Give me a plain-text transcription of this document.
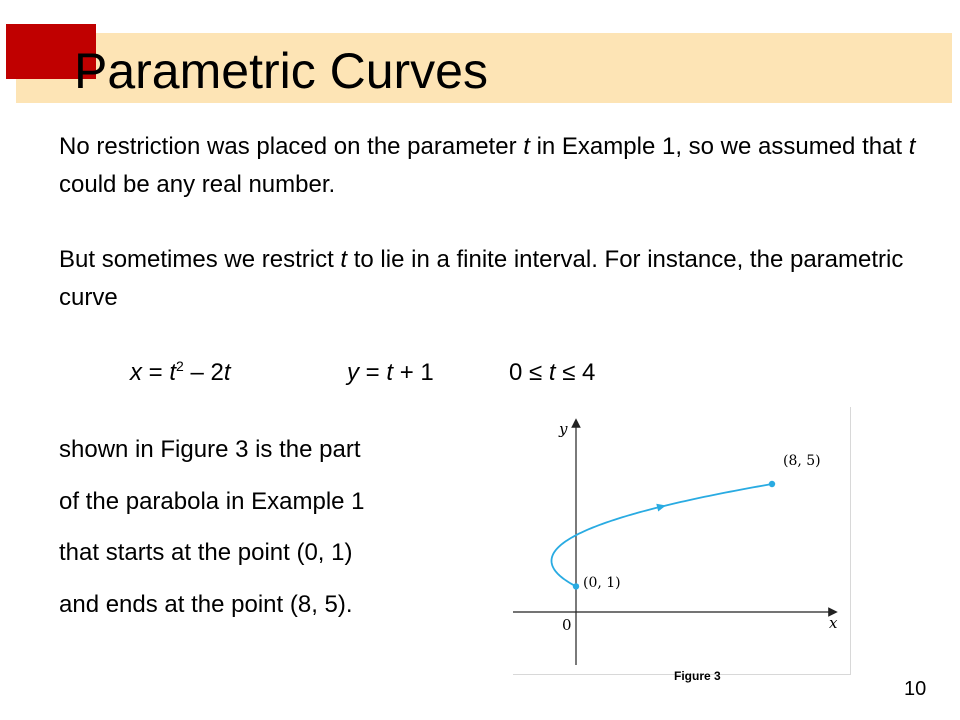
Parametric Curves

No restriction was placed on the parameter t in Example 1, so we assumed that t could be any real number.

But sometimes we restrict t to lie in a finite interval. For instance, the parametric curve

$x = t^2 - 2t$	y = t + 1	0 ≤ t ≤ 4
shown in Figure 3 is the part
of the parabola in Example 1
that starts at the point (0, 1)
and ends at the point (8, 5).
x
y
0
(0, 1)
(8, 5)
Figure 3
10
